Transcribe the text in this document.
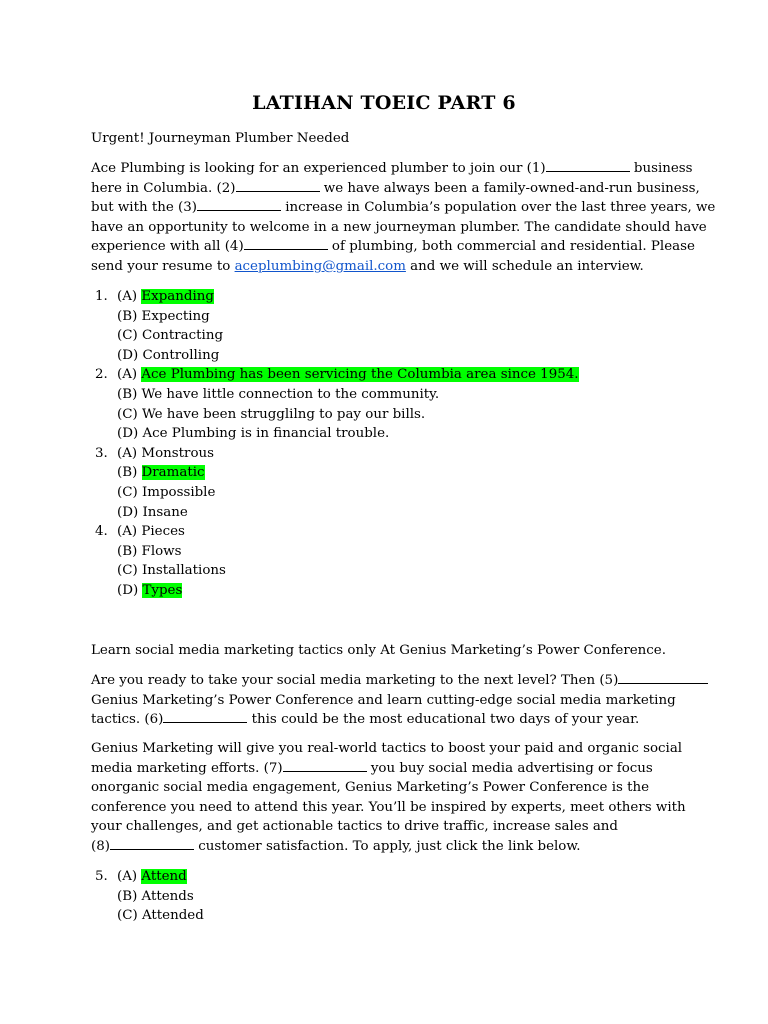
LATIHAN TOEIC PART 6
Urgent! Journeyman Plumber Needed
Ace Plumbing is looking for an experienced plumber to join our (1)	business
here in Columbia. (2)	we have always been a family-owned-and-run business,
but with the (3)	increase in Columbia’s population over the last three years, we
have an opportunity to welcome in a new journeyman plumber. The candidate should have
experience with all (4)	of plumbing, both commercial and residential. Please
send your resume to aceplumbing@gmail.com and we will schedule an interview.
1. (A) Expanding
(B) Expecting
(C) Contracting
(D) Controlling
2. (A) Ace Plumbing has been servicing the Columbia area since 1954.
(B) We have little connection to the community.
(C) We have been strugglilng to pay our bills.
(D) Ace Plumbing is in financial trouble.
3. (A) Monstrous
(B) Dramatic
(C) Impossible
(D) Insane
4. (A) Pieces
(B) Flows
(C) Installations
(D) Types
Learn social media marketing tactics only At Genius Marketing’s Power Conference.
Are you ready to take your social media marketing to the next level? Then (5)
Genius Marketing’s Power Conference and learn cutting-edge social media marketing
tactics. (6)	this could be the most educational two days of your year.
Genius Marketing will give you real-world tactics to boost your paid and organic social
media marketing efforts. (7)	you buy social media advertising or focus
onorganic social media engagement, Genius Marketing’s Power Conference is the
conference you need to attend this year. You’ll be inspired by experts, meet others with
your challenges, and get actionable tactics to drive traffic, increase sales and
(8)	customer satisfaction. To apply, just click the link below.
5. (A) Attend
(B) Attends
(C) Attended
